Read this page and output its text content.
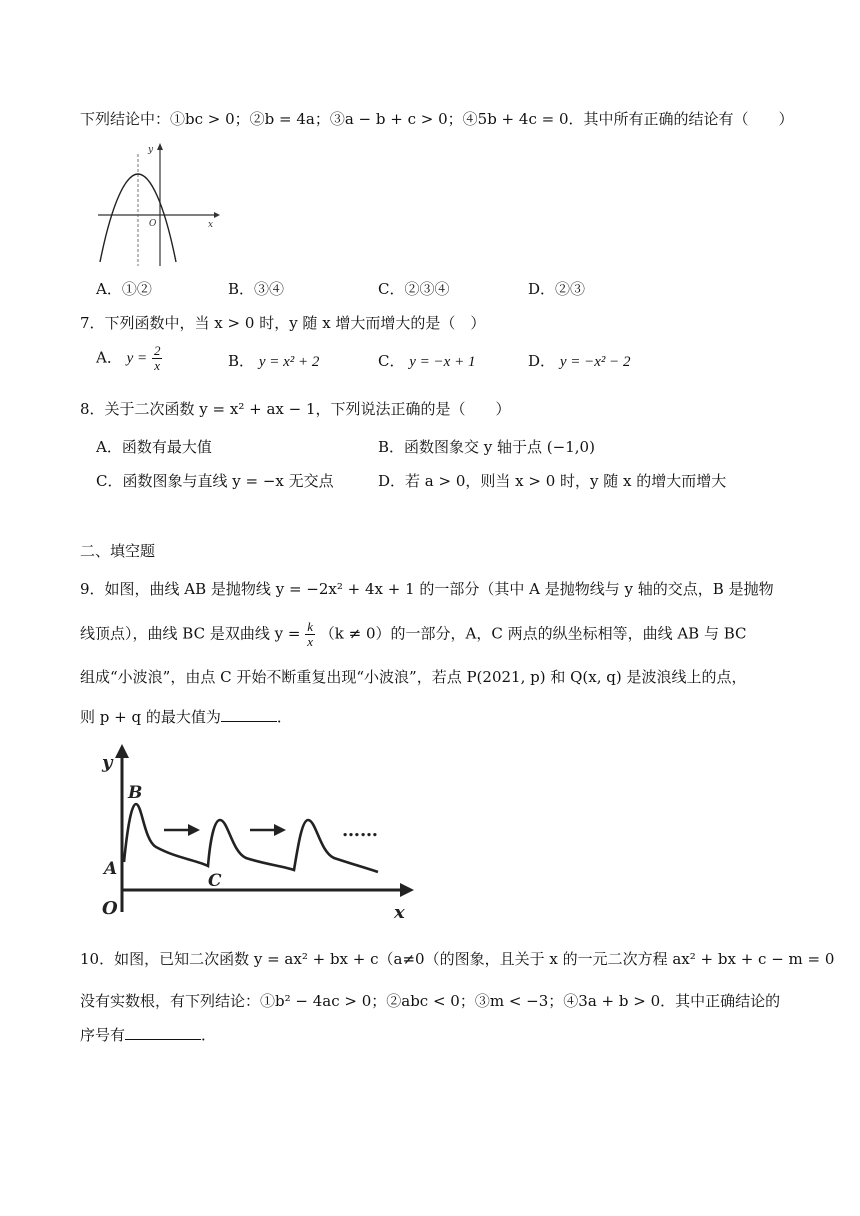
下列结论中：①bc > 0；②b = 4a；③a − b + c > 0；④5b + 4c = 0．其中所有正确的结论有（　　）
y
x
O
A．①②	B．③④	C．②③④	D．②③
7．下列函数中，当 x > 0 时，y 随 x 增大而增大的是（　）
A． $y = \frac{2}{x}$	B． y = x² + 2	C． y = −x + 1	D． y = −x² − 2
8．关于二次函数 y = x² + ax − 1，下列说法正确的是（　　）
A．函数有最大值	B．函数图象交 y 轴于点 (−1,0)
C．函数图象与直线 y = −x 无交点	D．若 a > 0，则当 x > 0 时，y 随 x 的增大而增大
二、填空题
9．如图，曲线 AB 是抛物线 y = −2x² + 4x + 1 的一部分（其中 A 是抛物线与 y 轴的交点，B 是抛物
线顶点），曲线 BC 是双曲线 $y = \frac{k}{x} (k \ne 0)$的一部分，A，C 两点的纵坐标相等，曲线 AB 与 BC
组成“小波浪”，由点 C 开始不断重复出现“小波浪”，若点 P(2021, p) 和 Q(x, q) 是波浪线上的点，
则 p + q 的最大值为	．
……
y
x
O
A
B
C
10．如图，已知二次函数 y = ax² + bx + c（a≠0（的图象，且关于 x 的一元二次方程 ax² + bx + c − m = 0
没有实数根，有下列结论：①b² − 4ac > 0；②abc < 0；③m < −3；④3a + b > 0．其中正确结论的
序号有	．
